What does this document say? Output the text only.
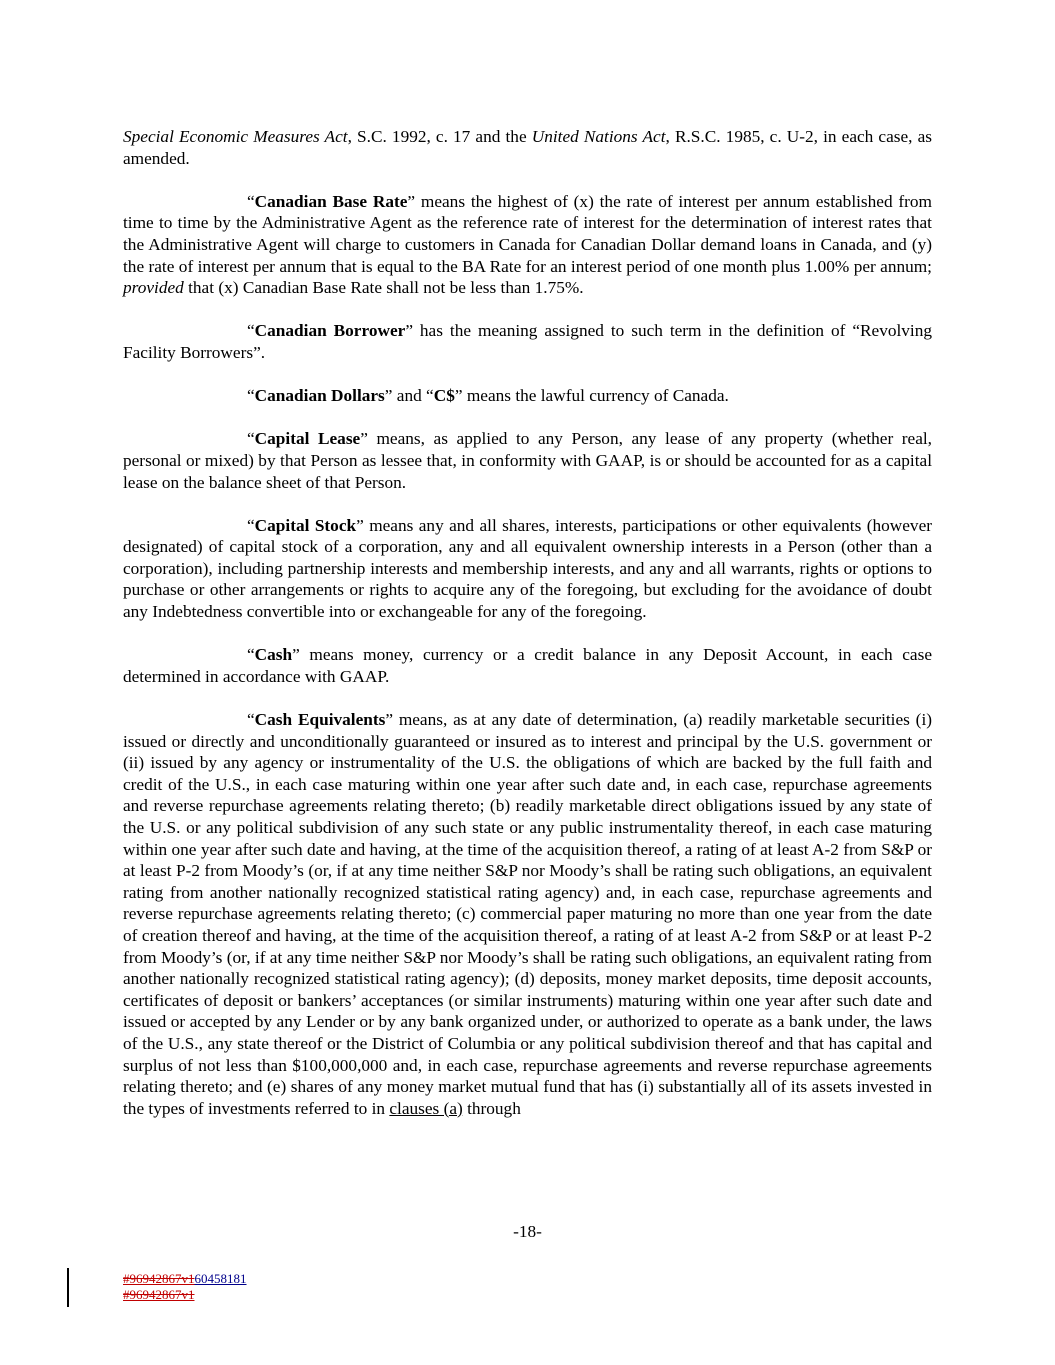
Special Economic Measures Act, S.C. 1992, c. 17 and the United Nations Act, R.S.C. 1985, c. U-2, in each case, as amended.

“Canadian Base Rate” means the highest of (x) the rate of interest per annum established from time to time by the Administrative Agent as the reference rate of interest for the determination of interest rates that the Administrative Agent will charge to customers in Canada for Canadian Dollar demand loans in Canada, and (y) the rate of interest per annum that is equal to the BA Rate for an interest period of one month plus 1.00% per annum; provided that (x) Canadian Base Rate shall not be less than 1.75%.

“Canadian Borrower” has the meaning assigned to such term in the definition of “Revolving Facility Borrowers”.

“Canadian Dollars” and “C$” means the lawful currency of Canada.

“Capital Lease” means, as applied to any Person, any lease of any property (whether real, personal or mixed) by that Person as lessee that, in conformity with GAAP, is or should be accounted for as a capital lease on the balance sheet of that Person.

“Capital Stock” means any and all shares, interests, participations or other equivalents (however designated) of capital stock of a corporation, any and all equivalent ownership interests in a Person (other than a corporation), including partnership interests and membership interests, and any and all warrants, rights or options to purchase or other arrangements or rights to acquire any of the foregoing, but excluding for the avoidance of doubt any Indebtedness convertible into or exchangeable for any of the foregoing.

“Cash” means money, currency or a credit balance in any Deposit Account, in each case determined in accordance with GAAP.

“Cash Equivalents” means, as at any date of determination, (a) readily marketable securities (i) issued or directly and unconditionally guaranteed or insured as to interest and principal by the U.S. government or (ii) issued by any agency or instrumentality of the U.S. the obligations of which are backed by the full faith and credit of the U.S., in each case maturing within one year after such date and, in each case, repurchase agreements and reverse repurchase agreements relating thereto; (b) readily marketable direct obligations issued by any state of the U.S. or any political subdivision of any such state or any public instrumentality thereof, in each case maturing within one year after such date and having, at the time of the acquisition thereof, a rating of at least A-2 from S&P or at least P-2 from Moody’s (or, if at any time neither S&P nor Moody’s shall be rating such obligations, an equivalent rating from another nationally recognized statistical rating agency) and, in each case, repurchase agreements and reverse repurchase agreements relating thereto; (c) commercial paper maturing no more than one year from the date of creation thereof and having, at the time of the acquisition thereof, a rating of at least A-2 from S&P or at least P-2 from Moody’s (or, if at any time neither S&P nor Moody’s shall be rating such obligations, an equivalent rating from another nationally recognized statistical rating agency); (d) deposits, money market deposits, time deposit accounts, certificates of deposit or bankers’ acceptances (or similar instruments) maturing within one year after such date and issued or accepted by any Lender or by any bank organized under, or authorized to operate as a bank under, the laws of the U.S., any state thereof or the District of Columbia or any political subdivision thereof and that has capital and surplus of not less than $100,000,000 and, in each case, repurchase agreements and reverse repurchase agreements relating thereto; and (e) shares of any money market mutual fund that has (i) substantially all of its assets invested in the types of investments referred to in clauses (a) through

-18-
#96942867v160458181
#96942867v1
